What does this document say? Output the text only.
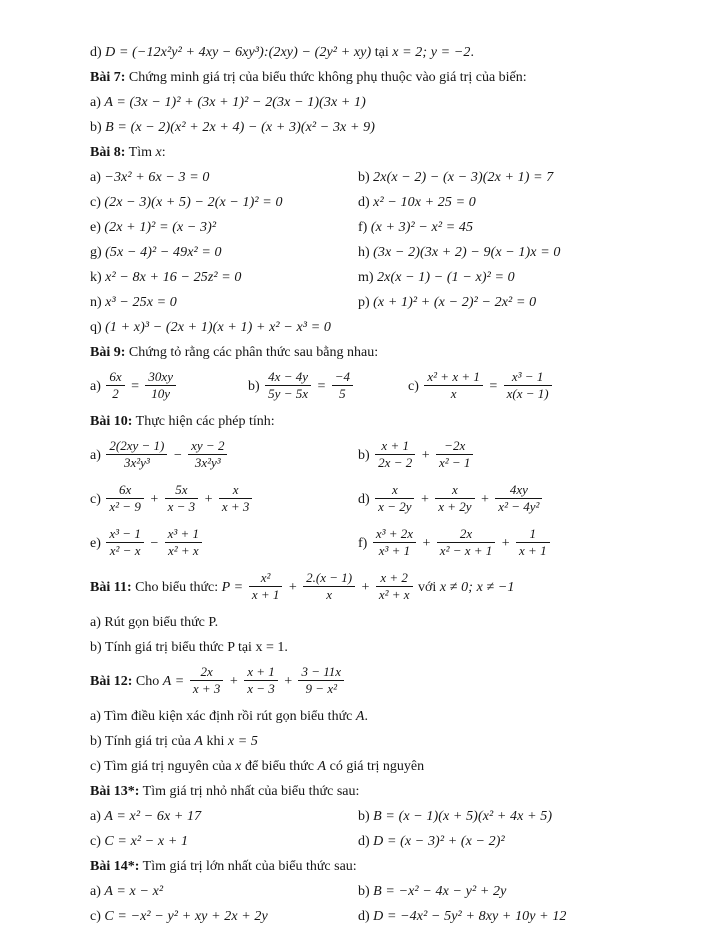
d) D = (−12x²y² + 4xy − 6xy³):(2xy) − (2y² + xy) tại x = 2; y = −2.
Bài 7: Chứng minh giá trị của biểu thức không phụ thuộc vào giá trị của biến:
a) A = (3x − 1)² + (3x + 1)² − 2(3x − 1)(3x + 1)
b) B = (x − 2)(x² + 2x + 4) − (x + 3)(x² − 3x + 9)
Bài 8: Tìm x:
a) −3x² + 6x − 3 = 0	b) 2x(x − 2) − (x − 3)(2x + 1) = 7
c) (2x − 3)(x + 5) − 2(x − 1)² = 0	d) x² − 10x + 25 = 0
e) (2x + 1)² = (x − 3)²	f) (x + 3)² − x² = 45
g) (5x − 4)² − 49x² = 0	h) (3x − 2)(3x + 2) − 9(x − 1)x = 0
k) x² − 8x + 16 − 25z² = 0	m) 2x(x − 1) − (1 − x)² = 0
n) x³ − 25x = 0	p) (x + 1)² + (x − 2)² − 2x² = 0
q) (1 + x)³ − (2x + 1)(x + 1) + x² − x³ = 0
Bài 9: Chứng tỏ rằng các phân thức sau bằng nhau:
$a) \frac{6x}{2} = \frac{30xy}{10y}$	$b) \frac{4x - 4y}{5y - 5x} = \frac{-4}{5}$	$c) \frac{\text{x² + x + 1}}{x} = \frac{\text{x³ − 1}}{x(x - 1)}$
Bài 10: Thực hiện các phép tính:
$a) \frac{2(2xy - 1)}{\text{3x²y³}} - \frac{xy - 2}{\text{3x²y³}}$	$b) \frac{x + 1}{2x - 2} + \frac{-2x}{\text{x² − 1}}$
$c) \frac{6x}{\text{x² − 9}} + \frac{5x}{x - 3} + \frac{x}{x + 3}$	$d) \frac{x}{x - 2y} + \frac{x}{x + 2y} + \frac{4xy}{\text{x² − 4y²}}$
$e) \frac{\text{x³ − 1}}{\text{x² − x}} - \frac{\text{x³ + 1}}{\text{x² + x}}$	$f) \frac{\text{x³ + 2x}}{\text{x³ + 1}} + \frac{2x}{\text{x² − x + 1}} + \frac{1}{x + 1}$
Bài 11: Cho biểu thức: $P = \frac{\text{x²}}{x + 1} + \frac{2.(x - 1)}{x} + \frac{x + 2}{\text{x² + x}}$ với x ≠ 0; x ≠ −1
a) Rút gọn biểu thức P.
b) Tính giá trị biểu thức P tại x = 1.
Bài 12: Cho $A = \frac{2x}{x + 3} + \frac{x + 1}{x - 3} + \frac{3 - 11x}{\text{9 − x²}}$
a) Tìm điều kiện xác định rồi rút gọn biểu thức A.
b) Tính giá trị của A khi x = 5
c) Tìm giá trị nguyên của x để biểu thức A có giá trị nguyên
Bài 13*: Tìm giá trị nhỏ nhất của biểu thức sau:
a) A = x² − 6x + 17	b) B = (x − 1)(x + 5)(x² + 4x + 5)
c) C = x² − x + 1	d) D = (x − 3)² + (x − 2)²
Bài 14*: Tìm giá trị lớn nhất của biểu thức sau:
a) A = x − x²	b) B = −x² − 4x − y² + 2y
c) C = −x² − y² + xy + 2x + 2y	d) D = −4x² − 5y² + 8xy + 10y + 12
